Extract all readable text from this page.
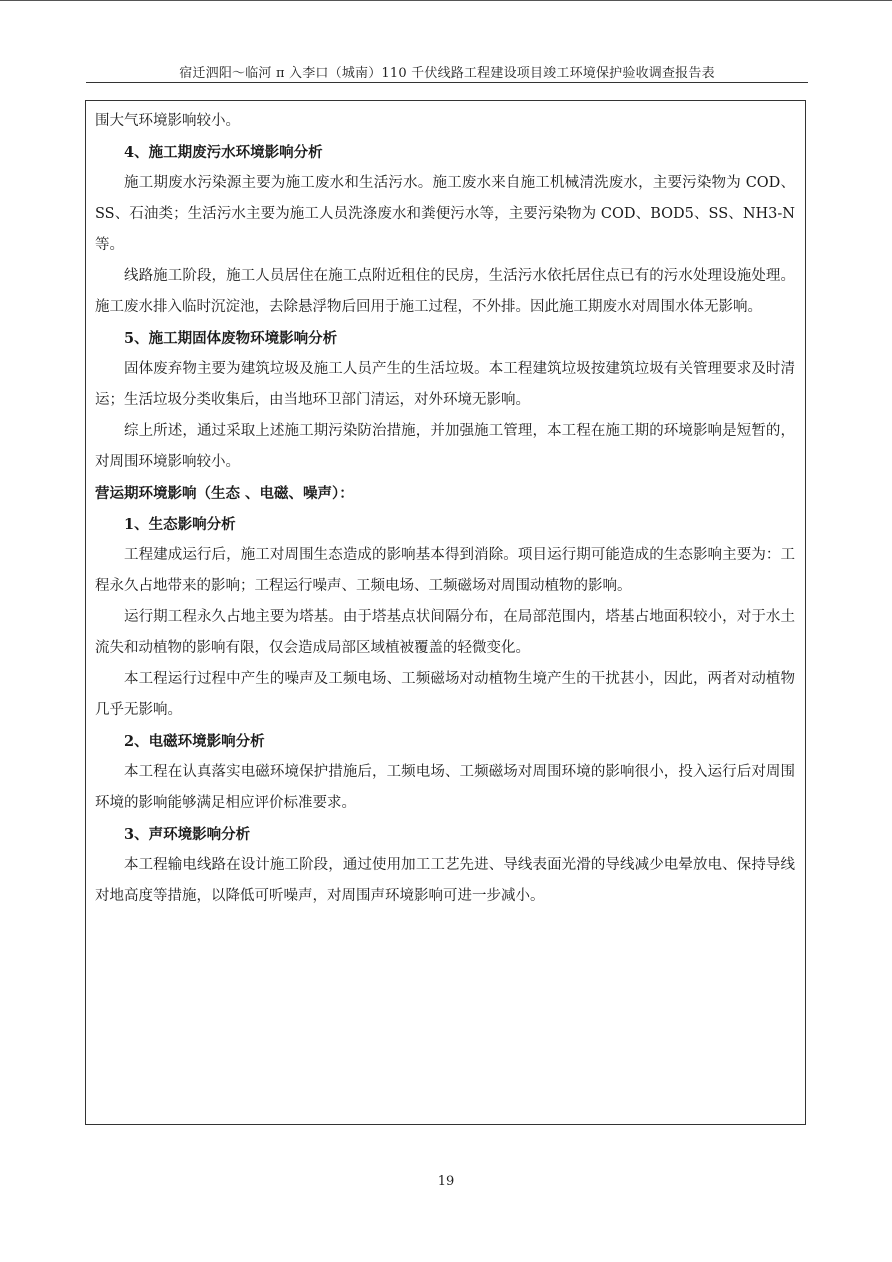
宿迁泗阳～临河 π 入李口（城南）110 千伏线路工程建设项目竣工环境保护验收调查报告表

围大气环境影响较小。

4、施工期废污水环境影响分析

施工期废水污染源主要为施工废水和生活污水。施工废水来自施工机械清洗废水，主要污染物为 COD、SS、石油类；生活污水主要为施工人员洗涤废水和粪便污水等，主要污染物为 COD、BOD5、SS、NH3-N 等。

线路施工阶段，施工人员居住在施工点附近租住的民房，生活污水依托居住点已有的污水处理设施处理。施工废水排入临时沉淀池，去除悬浮物后回用于施工过程，不外排。因此施工期废水对周围水体无影响。

5、施工期固体废物环境影响分析

固体废弃物主要为建筑垃圾及施工人员产生的生活垃圾。本工程建筑垃圾按建筑垃圾有关管理要求及时清运；生活垃圾分类收集后，由当地环卫部门清运，对外环境无影响。

综上所述，通过采取上述施工期污染防治措施，并加强施工管理，本工程在施工期的环境影响是短暂的，对周围环境影响较小。

营运期环境影响（生态 、电磁、噪声）：

1、生态影响分析

工程建成运行后，施工对周围生态造成的影响基本得到消除。项目运行期可能造成的生态影响主要为：工程永久占地带来的影响；工程运行噪声、工频电场、工频磁场对周围动植物的影响。

运行期工程永久占地主要为塔基。由于塔基点状间隔分布，在局部范围内，塔基占地面积较小，对于水土流失和动植物的影响有限，仅会造成局部区域植被覆盖的轻微变化。

本工程运行过程中产生的噪声及工频电场、工频磁场对动植物生境产生的干扰甚小，因此，两者对动植物几乎无影响。

2、电磁环境影响分析

本工程在认真落实电磁环境保护措施后，工频电场、工频磁场对周围环境的影响很小，投入运行后对周围环境的影响能够满足相应评价标准要求。

3、声环境影响分析

本工程输电线路在设计施工阶段，通过使用加工工艺先进、导线表面光滑的导线减少电晕放电、保持导线对地高度等措施，以降低可听噪声，对周围声环境影响可进一步减小。

19
